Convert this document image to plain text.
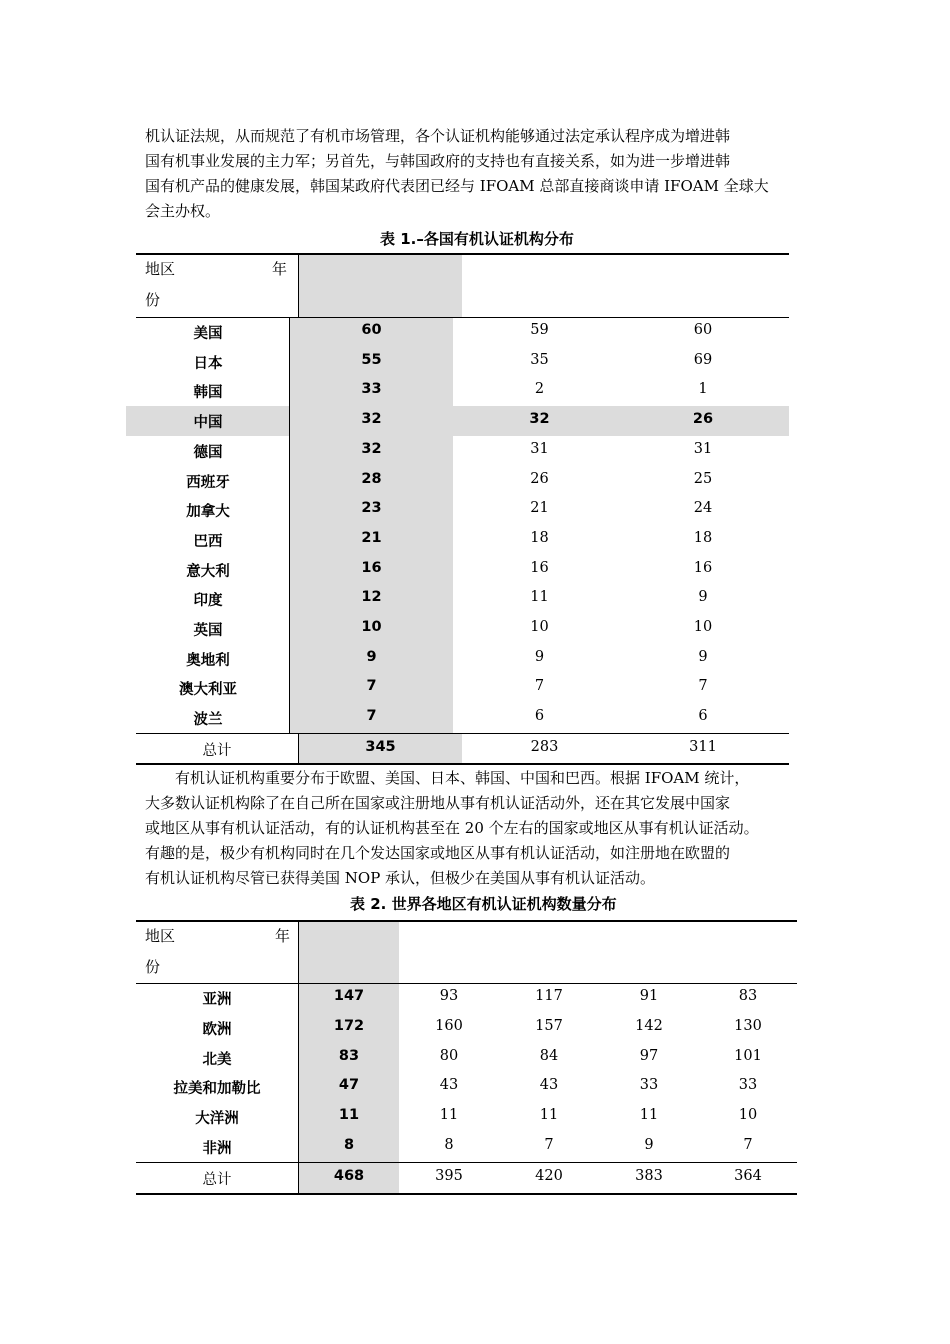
机认证法规，从而规范了有机市场管理，各个认证机构能够通过法定承认程序成为增进韩

国有机事业发展的主力军；另首先，与韩国政府的支持也有直接关系，如为进一步增进韩

国有机产品的健康发展，韩国某政府代表团已经与 IFOAM 总部直接商谈申请 IFOAM 全球大

会主办权。

表 1.–各国有机认证机构分布
地区	年
份
美国	60	59	60
日本	55	35	69
韩国	33	2	1
中国	32	32	26
德国	32	31	31
西班牙	28	26	25
加拿大	23	21	24
巴西	21	18	18
意大利	16	16	16
印度	12	11	9
英国	10	10	10
奥地利	9	9	9
澳大利亚	7	7	7
波兰	7	6	6
总计	345	283	311

有机认证机构重要分布于欧盟、美国、日本、韩国、中国和巴西。根据 IFOAM 统计，

大多数认证机构除了在自己所在国家或注册地从事有机认证活动外，还在其它发展中国家

或地区从事有机认证活动，有的认证机构甚至在 20 个左右的国家或地区从事有机认证活动。

有趣的是，极少有机构同时在几个发达国家或地区从事有机认证活动，如注册地在欧盟的

有机认证机构尽管已获得美国 NOP 承认，但极少在美国从事有机认证活动。

表 2. 世界各地区有机认证机构数量分布
地区	年
份
亚洲	147	93	117	91	83
欧洲	172	160	157	142	130
北美	83	80	84	97	101
拉美和加勒比	47	43	43	33	33
大洋洲	11	11	11	11	10
非洲	8	8	7	9	7
总计	468	395	420	383	364
